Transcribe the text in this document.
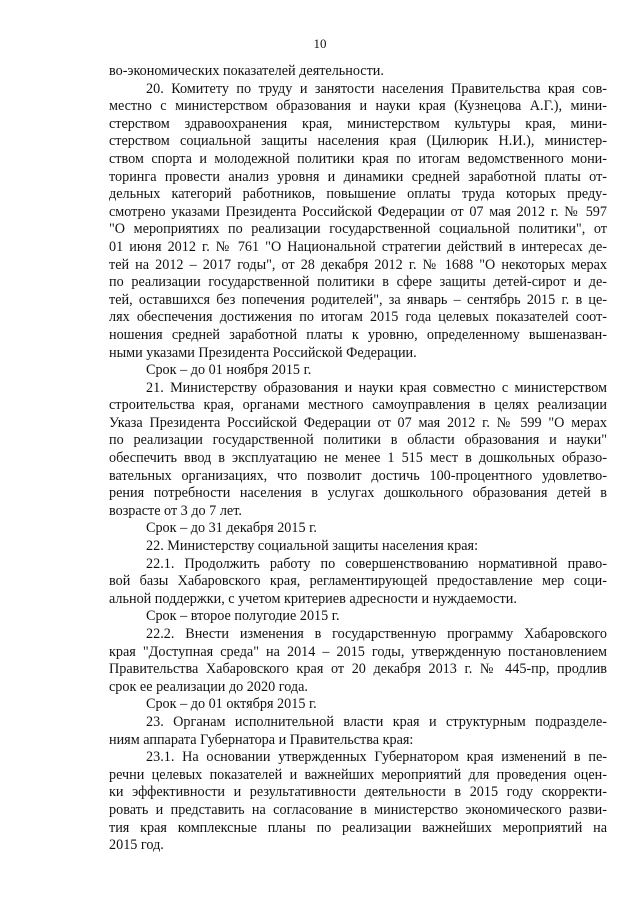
10
во-экономических показателей деятельности.
20. Комитету по труду и занятости населения Правительства края сов-
местно с министерством образования и науки края (Кузнецова А.Г.), мини-
стерством здравоохранения края, министерством культуры края, мини-
стерством социальной защиты населения края (Цилюрик Н.И.), министер-
ством спорта и молодежной политики края по итогам ведомственного мони-
торинга провести анализ уровня и динамики средней заработной платы от-
дельных категорий работников, повышение оплаты труда которых преду-
смотрено указами Президента Российской Федерации от 07 мая 2012 г. № 597
"О мероприятиях по реализации государственной социальной политики", от
01 июня 2012 г. № 761 "О Национальной стратегии действий в интересах де-
тей на 2012 – 2017 годы", от 28 декабря 2012 г. № 1688 "О некоторых мерах
по реализации государственной политики в сфере защиты детей-сирот и де-
тей, оставшихся без попечения родителей", за январь – сентябрь 2015 г. в це-
лях обеспечения достижения по итогам 2015 года целевых показателей соот-
ношения средней заработной платы к уровню, определенному вышеназван-
ными указами Президента Российской Федерации.
Срок – до 01 ноября 2015 г.
21. Министерству образования и науки края совместно с министерством
строительства края, органами местного самоуправления в целях реализации
Указа Президента Российской Федерации от 07 мая 2012 г. № 599 "О мерах
по реализации государственной политики в области образования и науки"
обеспечить ввод в эксплуатацию не менее 1 515 мест в дошкольных образо-
вательных организациях, что позволит достичь 100-процентного удовлетво-
рения потребности населения в услугах дошкольного образования детей в
возрасте от 3 до 7 лет.
Срок – до 31 декабря 2015 г.
22. Министерству социальной защиты населения края:
22.1. Продолжить работу по совершенствованию нормативной право-
вой базы Хабаровского края, регламентирующей предоставление мер соци-
альной поддержки, с учетом критериев адресности и нуждаемости.
Срок – второе полугодие 2015 г.
22.2. Внести изменения в государственную программу Хабаровского
края "Доступная среда" на 2014 – 2015 годы, утвержденную постановлением
Правительства Хабаровского края от 20 декабря 2013 г. № 445-пр, продлив
срок ее реализации до 2020 года.
Срок – до 01 октября 2015 г.
23. Органам исполнительной власти края и структурным подразделе-
ниям аппарата Губернатора и Правительства края:
23.1. На основании утвержденных Губернатором края изменений в пе-
речни целевых показателей и важнейших мероприятий для проведения оцен-
ки эффективности и результативности деятельности в 2015 году скорректи-
ровать и представить на согласование в министерство экономического разви-
тия края комплексные планы по реализации важнейших мероприятий на
2015 год.
